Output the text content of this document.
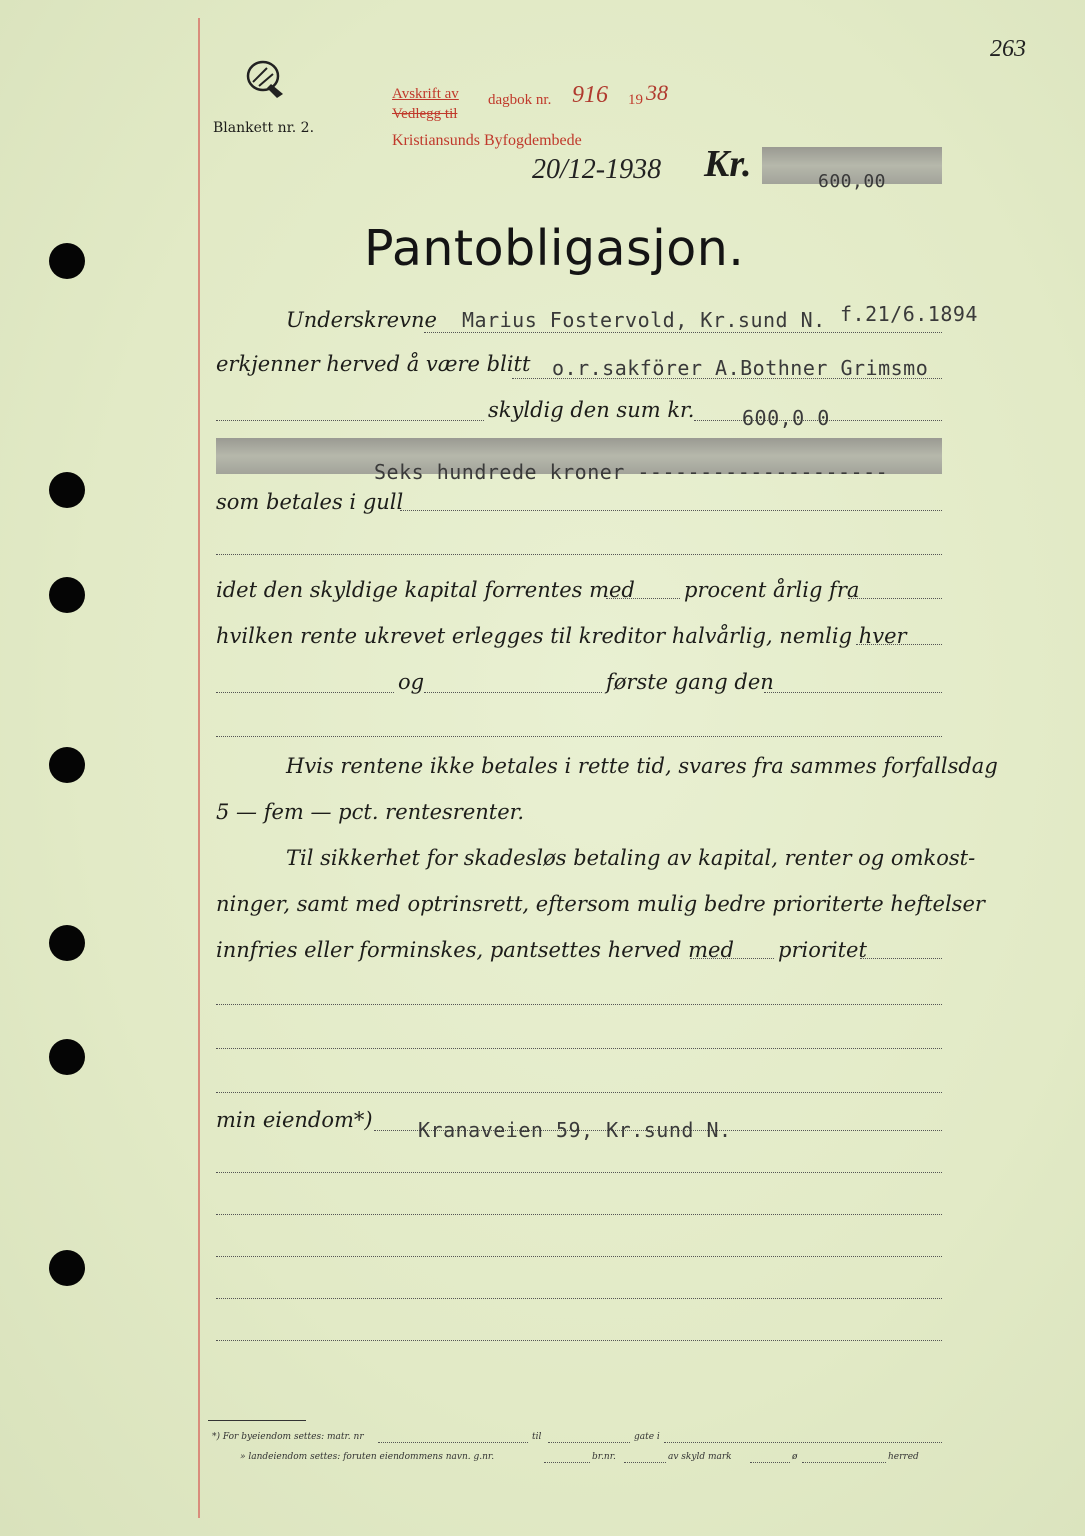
263
Blankett nr. 2.
Avskrift av
Vedlegg til
dagbok nr. 916 19 38
Kristiansunds Byfogdembede
20/12-1938 Kr.	600,00
Pantobligasjon.
Underskrevne Marius Fostervold, Kr.sund N. f.21/6.1894
erkjenner herved å være blitt o.r.sakförer A.Bothner Grimsmo
skyldig den sum kr. 600,0 0
Seks hundrede kroner --------------------
som betales i gull
idet den skyldige kapital forrentes med procent årlig fra
hvilken rente ukrevet erlegges til kreditor halvårlig, nemlig hver
og	første gang den
Hvis rentene ikke betales i rette tid, svares fra sammes forfallsdag
5 — fem — pct. rentesrenter.
Til sikkerhet for skadesløs betaling av kapital, renter og omkost-
ninger, samt med optrinsrett, eftersom mulig bedre prioriterte heftelser
innfries eller forminskes, pantsettes herved med prioritet
min eiendom*) Kranaveien 59, Kr.sund N.
*) For byeiendom settes: matr. nr	til	gate i
» landeiendom settes: foruten eiendommens navn. g.nr.	br.nr.	av skyld mark	ø	herred
